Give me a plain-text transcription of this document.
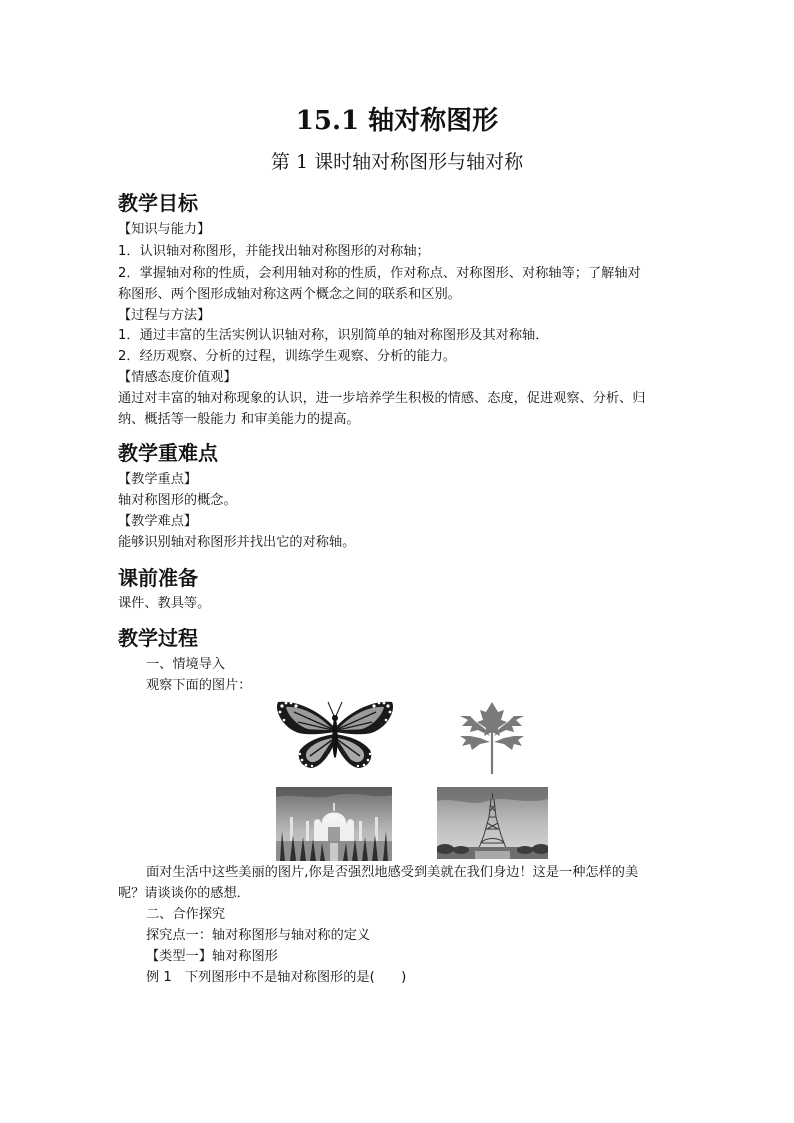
15.1 轴对称图形
第 1 课时轴对称图形与轴对称
教学目标
【知识与能力】
1．认识轴对称图形，并能找出轴对称图形的对称轴；
2．掌握轴对称的性质，会利用轴对称的性质，作对称点、对称图形、对称轴等；了解轴对
称图形、两个图形成轴对称这两个概念之间的联系和区别。
【过程与方法】
1．通过丰富的生活实例认识轴对称，识别简单的轴对称图形及其对称轴．
2．经历观察、分析的过程，训练学生观察、分析的能力。
【情感态度价值观】
通过对丰富的轴对称现象的认识，进一步培养学生积极的情感、态度，促进观察、分析、归
纳、概括等一般能力 和审美能力的提高。
教学重难点
【教学重点】
轴对称图形的概念。
【教学难点】
能够识别轴对称图形并找出它的对称轴。
课前准备
课件、教具等。
教学过程
一、情境导入
观察下面的图片：
面对生活中这些美丽的图片,你是否强烈地感受到美就在我们身边！这是一种怎样的美
呢？请谈谈你的感想．
二、合作探究
探究点一：轴对称图形与轴对称的定义
【类型一】轴对称图形
例 1　下列图形中不是轴对称图形的是(　　)
